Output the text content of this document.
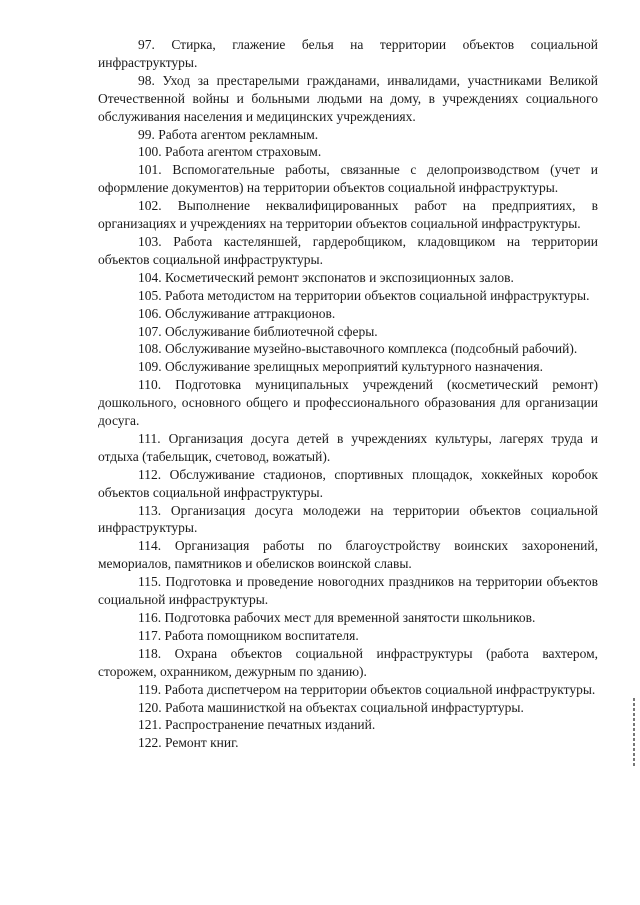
97. Стирка, глажение белья на территории объектов социальной инфраструктуры.

98. Уход за престарелыми гражданами, инвалидами, участниками Великой Отечественной войны и больными людьми на дому, в учреждениях социального обслуживания населения и медицинских учреждениях.

99. Работа агентом рекламным.

100. Работа агентом страховым.

101. Вспомогательные работы, связанные с делопроизводством (учет и оформление документов) на территории объектов социальной инфраструктуры.

102. Выполнение неквалифицированных работ на предприятиях, в организациях и учреждениях на территории объектов социальной инфраструктуры.

103. Работа кастеляншей, гардеробщиком, кладовщиком на территории объектов социальной инфраструктуры.

104. Косметический ремонт экспонатов и экспозиционных залов.

105. Работа методистом на территории объектов социальной инфраструктуры.

106. Обслуживание аттракционов.

107. Обслуживание библиотечной сферы.

108. Обслуживание музейно-выставочного комплекса (подсобный рабочий).

109. Обслуживание зрелищных мероприятий культурного назначения.

110. Подготовка муниципальных учреждений (косметический ремонт) дошкольного, основного общего и профессионального образования для организации досуга.

111. Организация досуга детей в учреждениях культуры, лагерях труда и отдыха (табельщик, счетовод, вожатый).

112. Обслуживание стадионов, спортивных площадок, хоккейных коробок объектов социальной инфраструктуры.

113. Организация досуга молодежи на территории объектов социальной инфраструктуры.

114. Организация работы по благоустройству воинских захоронений, мемориалов, памятников и обелисков воинской славы.

115. Подготовка и проведение новогодних праздников на территории объектов социальной инфраструктуры.

116. Подготовка рабочих мест для временной занятости школьников.

117. Работа помощником воспитателя.

118. Охрана объектов социальной инфраструктуры (работа вахтером, сторожем, охранником, дежурным по зданию).

119. Работа диспетчером на территории объектов социальной инфраструктуры.

120. Работа машинисткой на объектах социальной инфрастуртуры.

121. Распространение печатных изданий.

122. Ремонт книг.
